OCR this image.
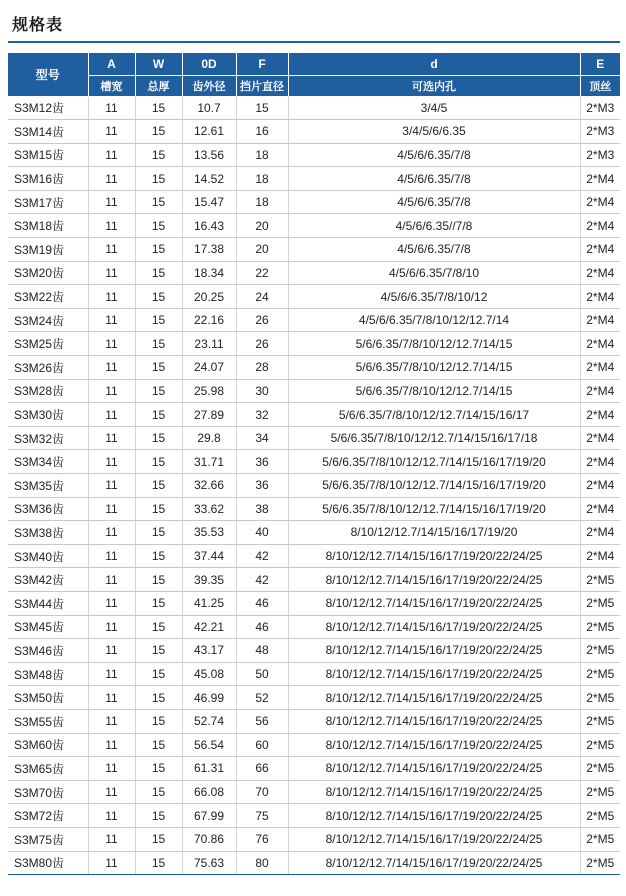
规格表
型号	A	W	0D	F	d	E
	槽宽	总厚	齿外径	挡片直径	可选内孔	顶丝
S3M12齿	11	15	10.7	15	3/4/5	2*M3
S3M14齿	11	15	12.61	16	3/4/5/6/6.35	2*M3
S3M15齿	11	15	13.56	18	4/5/6/6.35/7/8	2*M3
S3M16齿	11	15	14.52	18	4/5/6/6.35/7/8	2*M4
S3M17齿	11	15	15.47	18	4/5/6/6.35/7/8	2*M4
S3M18齿	11	15	16.43	20	4/5/6/6.35//7/8	2*M4
S3M19齿	11	15	17.38	20	4/5/6/6.35/7/8	2*M4
S3M20齿	11	15	18.34	22	4/5/6/6.35/7/8/10	2*M4
S3M22齿	11	15	20.25	24	4/5/6/6.35/7/8/10/12	2*M4
S3M24齿	11	15	22.16	26	4/5/6/6.35/7/8/10/12/12.7/14	2*M4
S3M25齿	11	15	23.11	26	5/6/6.35/7/8/10/12/12.7/14/15	2*M4
S3M26齿	11	15	24.07	28	5/6/6.35/7/8/10/12/12.7/14/15	2*M4
S3M28齿	11	15	25.98	30	5/6/6.35/7/8/10/12/12.7/14/15	2*M4
S3M30齿	11	15	27.89	32	5/6/6.35/7/8/10/12/12.7/14/15/16/17	2*M4
S3M32齿	11	15	29.8	34	5/6/6.35/7/8/10/12/12.7/14/15/16/17/18	2*M4
S3M34齿	11	15	31.71	36	5/6/6.35/7/8/10/12/12.7/14/15/16/17/19/20	2*M4
S3M35齿	11	15	32.66	36	5/6/6.35/7/8/10/12/12.7/14/15/16/17/19/20	2*M4
S3M36齿	11	15	33.62	38	5/6/6.35/7/8/10/12/12.7/14/15/16/17/19/20	2*M4
S3M38齿	11	15	35.53	40	8/10/12/12.7/14/15/16/17/19/20	2*M4
S3M40齿	11	15	37.44	42	8/10/12/12.7/14/15/16/17/19/20/22/24/25	2*M4
S3M42齿	11	15	39.35	42	8/10/12/12.7/14/15/16/17/19/20/22/24/25	2*M5
S3M44齿	11	15	41.25	46	8/10/12/12.7/14/15/16/17/19/20/22/24/25	2*M5
S3M45齿	11	15	42.21	46	8/10/12/12.7/14/15/16/17/19/20/22/24/25	2*M5
S3M46齿	11	15	43.17	48	8/10/12/12.7/14/15/16/17/19/20/22/24/25	2*M5
S3M48齿	11	15	45.08	50	8/10/12/12.7/14/15/16/17/19/20/22/24/25	2*M5
S3M50齿	11	15	46.99	52	8/10/12/12.7/14/15/16/17/19/20/22/24/25	2*M5
S3M55齿	11	15	52.74	56	8/10/12/12.7/14/15/16/17/19/20/22/24/25	2*M5
S3M60齿	11	15	56.54	60	8/10/12/12.7/14/15/16/17/19/20/22/24/25	2*M5
S3M65齿	11	15	61.31	66	8/10/12/12.7/14/15/16/17/19/20/22/24/25	2*M5
S3M70齿	11	15	66.08	70	8/10/12/12.7/14/15/16/17/19/20/22/24/25	2*M5
S3M72齿	11	15	67.99	75	8/10/12/12.7/14/15/16/17/19/20/22/24/25	2*M5
S3M75齿	11	15	70.86	76	8/10/12/12.7/14/15/16/17/19/20/22/24/25	2*M5
S3M80齿	11	15	75.63	80	8/10/12/12.7/14/15/16/17/19/20/22/24/25	2*M5
